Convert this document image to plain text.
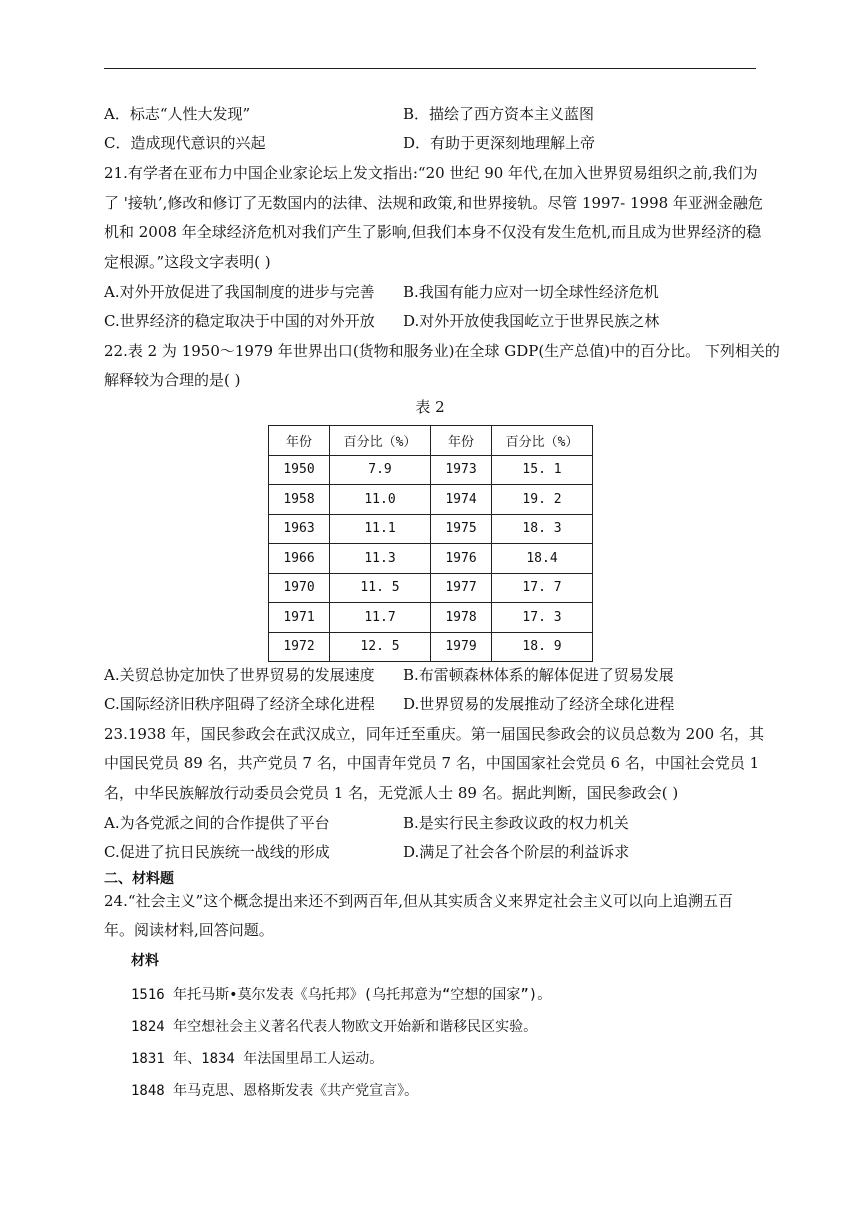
A．标志“人性大发现”	B．描绘了西方资本主义蓝图
C．造成现代意识的兴起	D．有助于更深刻地理解上帝
21.有学者在亚布力中国企业家论坛上发文指出:“20 世纪 90 年代,在加入世界贸易组织之前,我们为
了 '接轨’,修改和修订了无数国内的法律、法规和政策,和世界接轨。尽管 1997- 1998 年亚洲金融危
机和 2008 年全球经济危机对我们产生了影响,但我们本身不仅没有发生危机,而且成为世界经济的稳
定根源。”这段文字表明( )
A.对外开放促进了我国制度的进步与完善 B.我国有能力应对一切全球性经济危机
C.世界经济的稳定取决于中国的对外开放 D.对外开放使我国屹立于世界民族之林
22.表 2 为 1950～1979 年世界出口(货物和服务业)在全球 GDP(生产总值)中的百分比。 下列相关的
解释较为合理的是( )
表 2
年份	百分比（%）	年份	百分比（%）
1950	7.9	1973	15. 1
1958	11.0	1974	19. 2
1963	11.1	1975	18. 3
1966	11.3	1976	18.4
1970	11. 5	1977	17. 7
1971	11.7	1978	17. 3
1972	12. 5	1979	18. 9
A.关贸总协定加快了世界贸易的发展速度 B.布雷顿森林体系的解体促进了贸易发展
C.国际经济旧秩序阻碍了经济全球化进程 D.世界贸易的发展推动了经济全球化进程
23.1938 年，国民参政会在武汉成立，同年迁至重庆。第一届国民参政会的议员总数为 200 名，其
中国民党员 89 名，共产党员 7 名，中国青年党员 7 名，中国国家社会党员 6 名，中国社会党员 1
名，中华民族解放行动委员会党员 1 名，无党派人士 89 名。据此判断，国民参政会( )
A.为各党派之间的合作提供了平台	B.是实行民主参政议政的权力机关
C.促进了抗日民族统一战线的形成	D.满足了社会各个阶层的利益诉求
二、材料题
24.“社会主义”这个概念提出来还不到两百年,但从其实质含义来界定社会主义可以向上追溯五百
年。阅读材料,回答问题。
材料
1516 年托马斯•莫尔发表《乌托邦》(乌托邦意为“空想的国家”)。
1824 年空想社会主义著名代表人物欧文开始新和谐移民区实验。
1831 年、1834 年法国里昂工人运动。
1848 年马克思、恩格斯发表《共产党宣言》。
